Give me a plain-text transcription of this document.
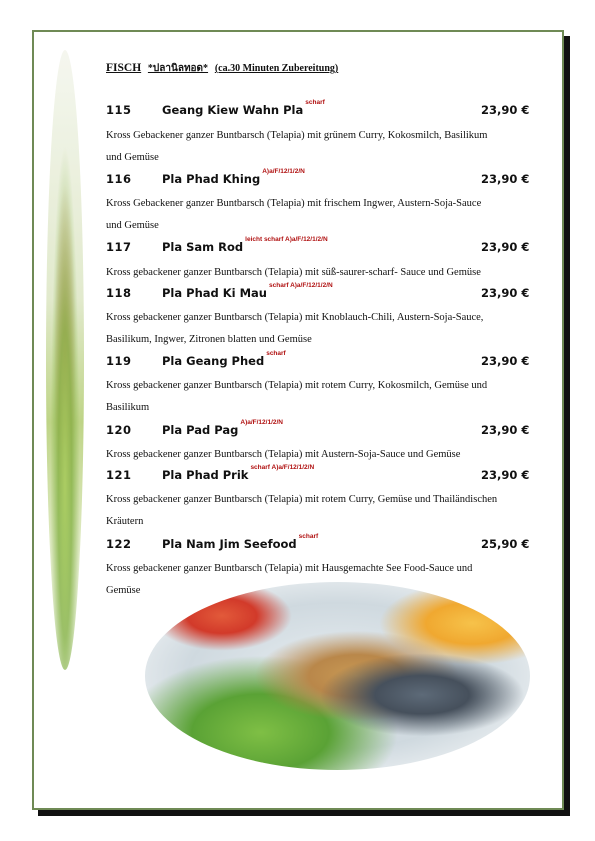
FISCH *ปลานิลทอด* (ca.30 Minuten Zubereitung)
115	Geang Kiew Wahn Pla$^{scharf}$
23,90 €
Kross Gebackener ganzer Buntbarsch (Telapia) mit grünem Curry, Kokosmilch, Basilikum
und Gemüse
116	Pla Phad Khing$^{A)a/F/12/1/2/N}$
23,90 €
Kross Gebackener ganzer Buntbarsch (Telapia) mit frischem Ingwer, Austern-Soja-Sauce
und Gemüse
117	Pla Sam Rod$^{leicht scharf A)a/F/12/1/2/N}$
23,90 €
Kross gebackener ganzer Buntbarsch (Telapia) mit süß-saurer-scharf- Sauce und Gemüse
118	Pla Phad Ki Mau$^{scharf A)a/F/12/1/2/N}$
23,90 €
Kross gebackener ganzer Buntbarsch (Telapia) mit Knoblauch-Chili, Austern-Soja-Sauce,
Basilikum, Ingwer, Zitronen blatten und Gemüse
119	Pla Geang Phed$^{scharf}$
23,90 €
Kross gebackener ganzer Buntbarsch (Telapia) mit rotem Curry, Kokosmilch, Gemüse und
Basilikum
120	Pla Pad Pag$^{A)a/F/12/1/2/N}$
23,90 €
Kross gebackener ganzer Buntbarsch (Telapia) mit Austern-Soja-Sauce und Gemüse
121	Pla Phad Prik$^{scharf A)a/F/12/1/2/N}$
23,90 €
Kross gebackener ganzer Buntbarsch (Telapia) mit rotem Curry, Gemüse und Thailändischen
Kräutern
122	Pla Nam Jim Seefood$^{scharf}$
25,90 €
Kross gebackener ganzer Buntbarsch (Telapia) mit Hausgemachte See Food-Sauce und
Gemüse
